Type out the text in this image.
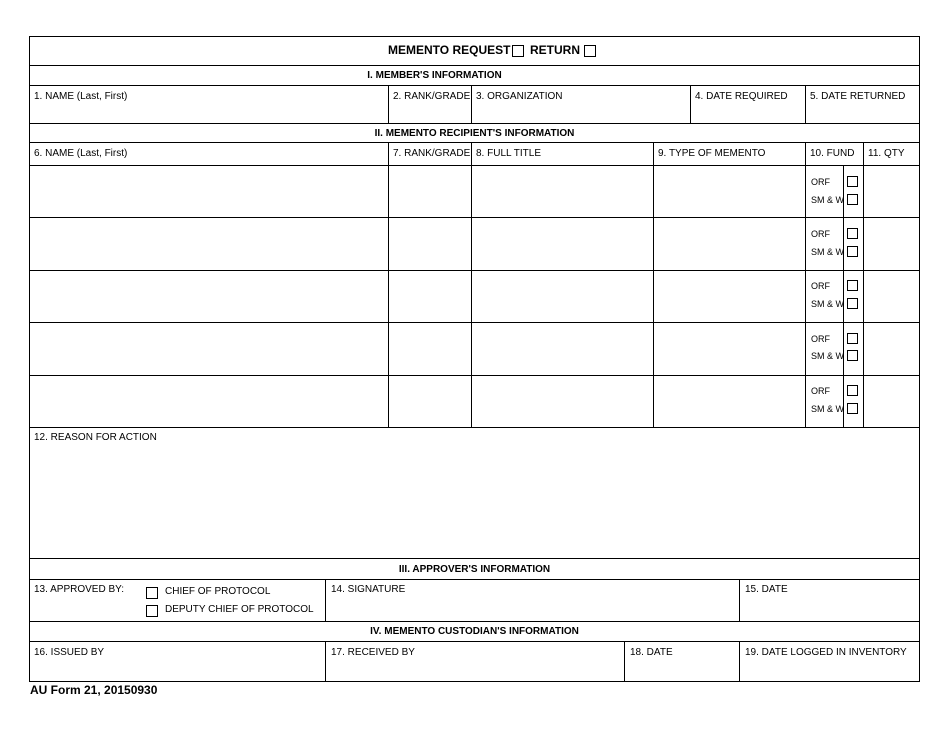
MEMENTO REQUEST RETURN
I. MEMBER'S INFORMATION
1. NAME (Last, First)	2. RANK/GRADE 3. ORGANIZATION	4. DATE REQUIRED 5. DATE RETURNED
II. MEMENTO RECIPIENT'S INFORMATION
6. NAME (Last, First)	7. RANK/GRADE 8. FULL TITLE	9. TYPE OF MEMENTO	10. FUND 11. QTY
ORF
SM & W
ORF
SM & W
ORF
SM & W
ORF
SM & W
ORF
SM & W
12. REASON FOR ACTION
III. APPROVER'S INFORMATION
13. APPROVED BY:	CHIEF OF PROTOCOL
DEPUTY CHIEF OF PROTOCOL
14. SIGNATURE	15. DATE
IV. MEMENTO CUSTODIAN'S INFORMATION
16. ISSUED BY	17. RECEIVED BY	18. DATE	19. DATE LOGGED IN INVENTORY
AU Form 21, 20150930
